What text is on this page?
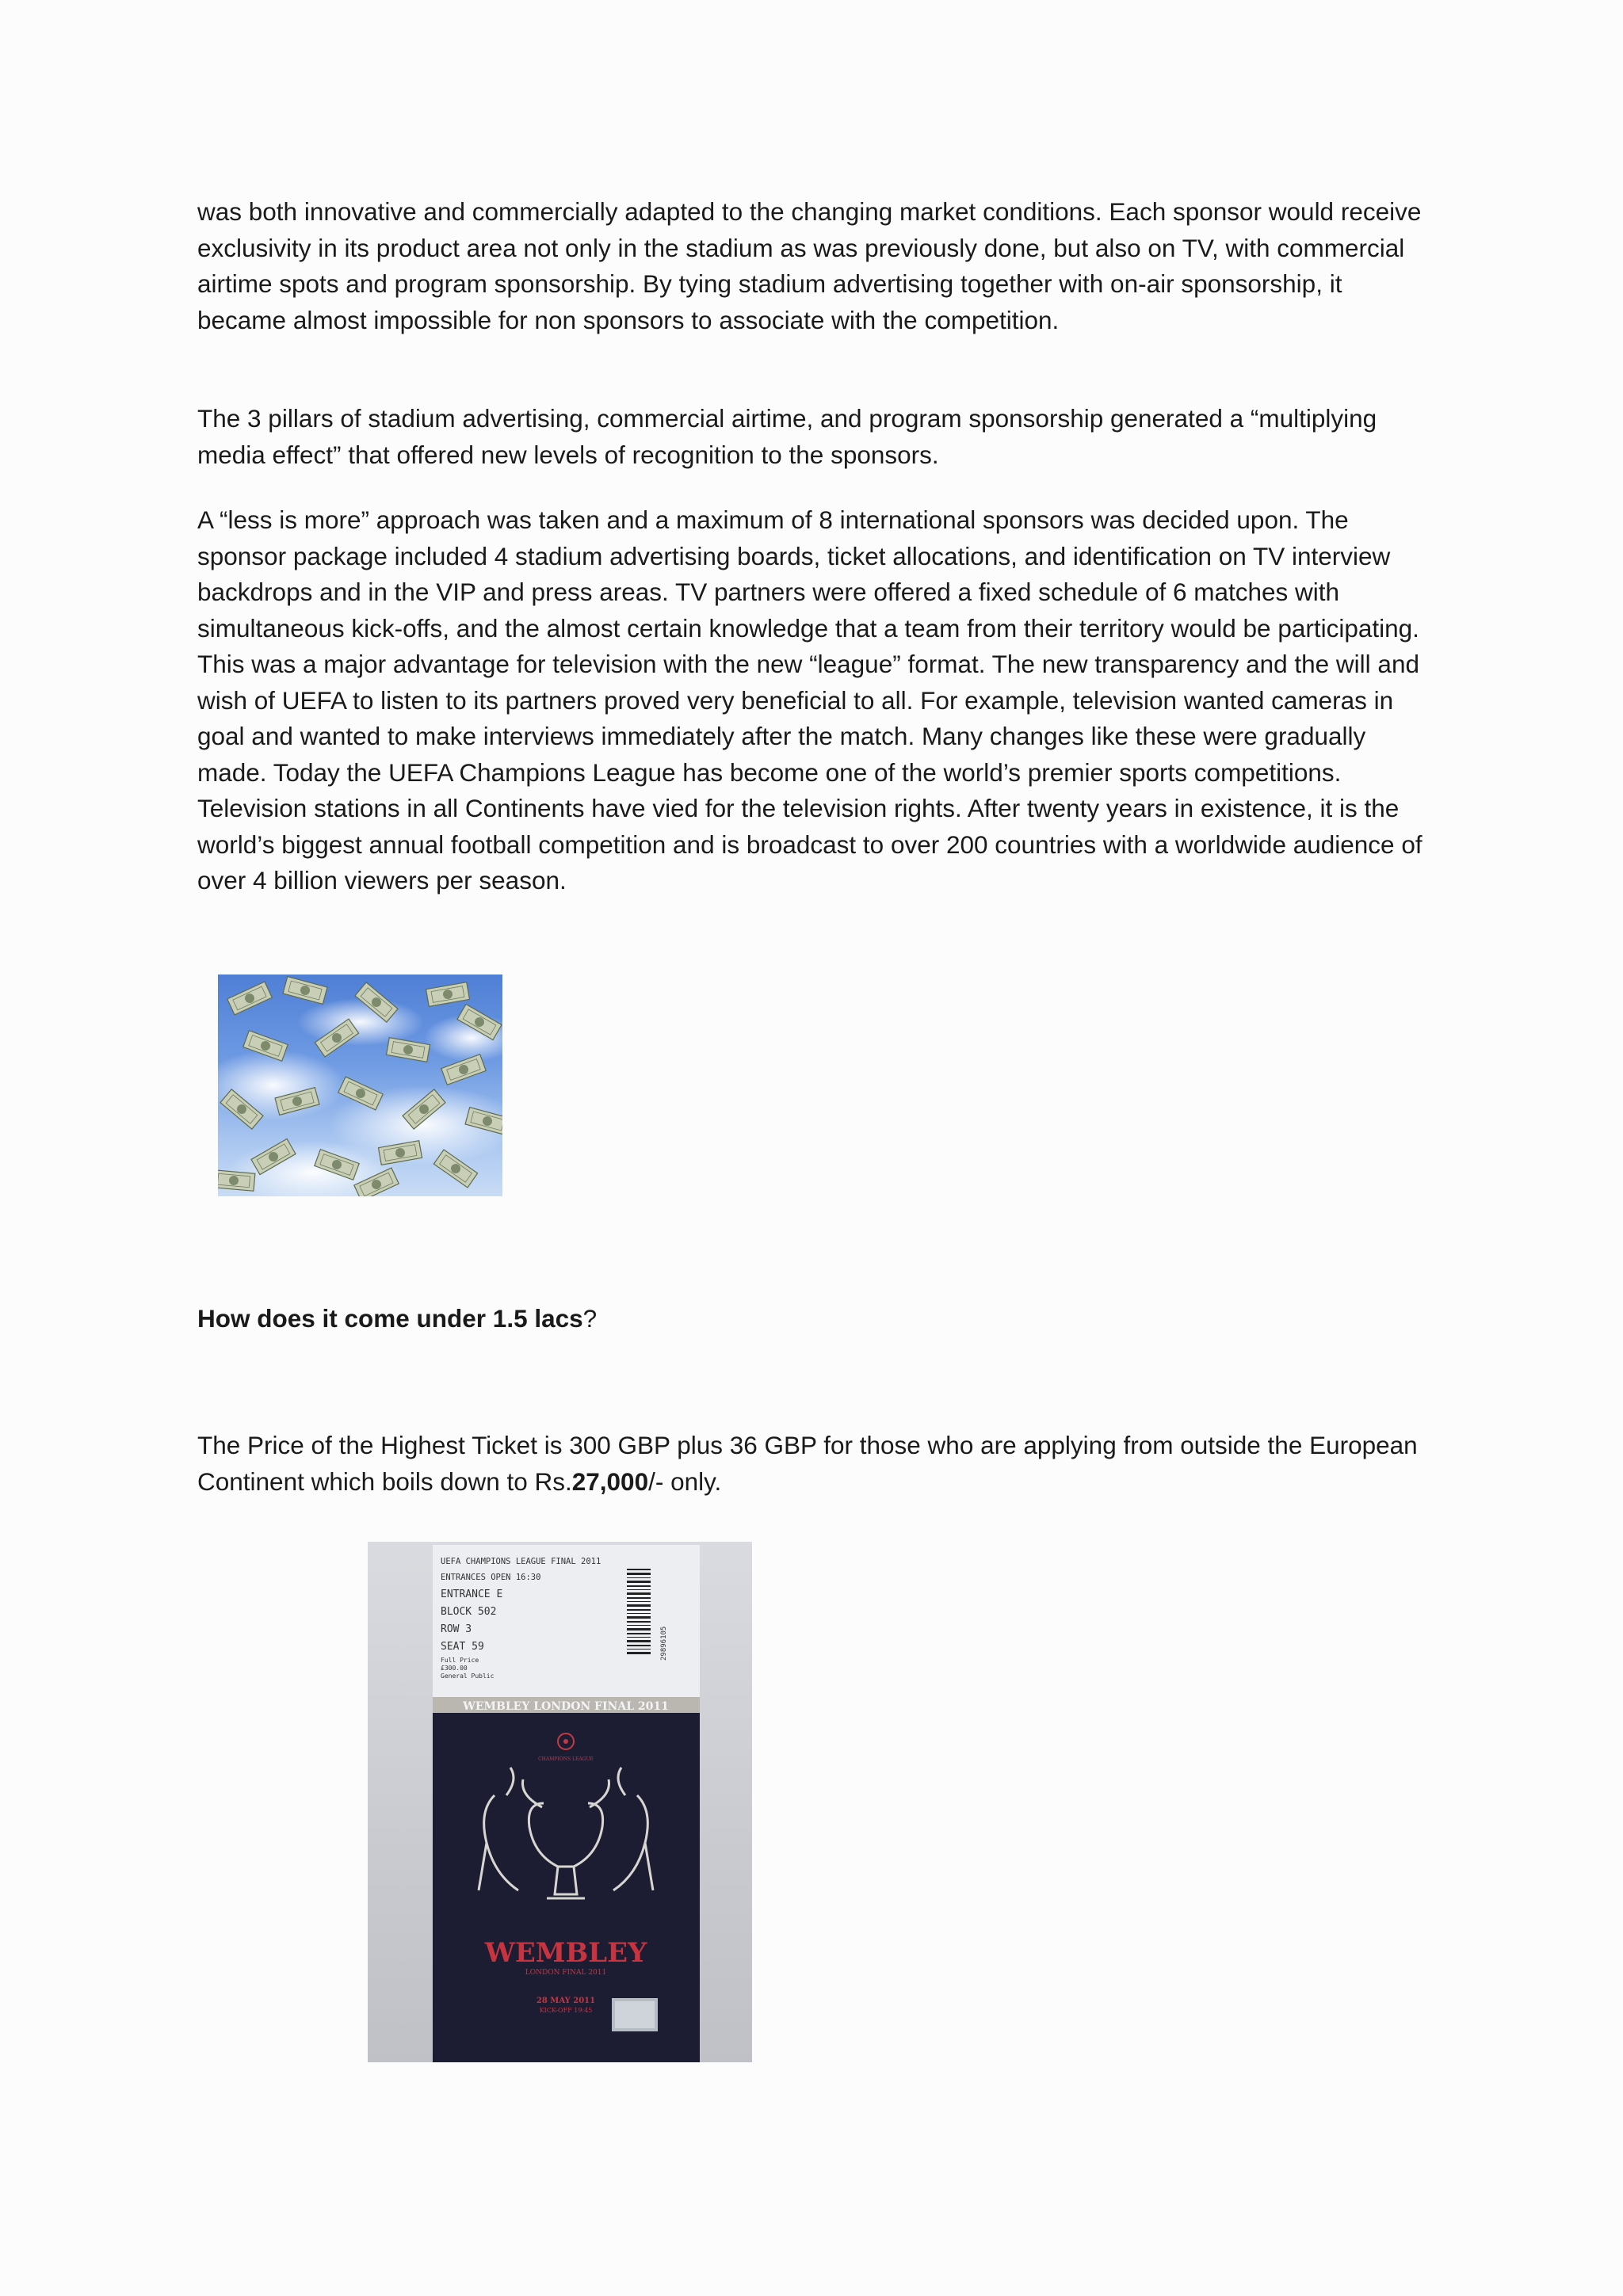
was both innovative and commercially adapted to the changing market conditions. Each sponsor would receive exclusivity in its product area not only in the stadium as was previously done, but also on TV, with commercial airtime spots and program sponsorship. By tying stadium advertising together with on-air sponsorship, it became almost impossible for non sponsors to associate with the competition.

The 3 pillars of stadium advertising, commercial airtime, and program sponsorship generated a “multiplying media effect” that offered new levels of recognition to the sponsors.

A “less is more” approach was taken and a maximum of 8 international sponsors was decided upon. The sponsor package included 4 stadium advertising boards, ticket allocations, and identification on TV interview backdrops and in the VIP and press areas. TV partners were offered a fixed schedule of 6 matches with simultaneous kick-offs, and the almost certain knowledge that a team from their territory would be participating. This was a major advantage for television with the new “league” format. The new transparency and the will and wish of UEFA to listen to its partners proved very beneficial to all. For example, television wanted cameras in goal and wanted to make interviews immediately after the match. Many changes like these were gradually made. Today the UEFA Champions League has become one of the world’s premier sports competitions. Television stations in all Continents have vied for the television rights. After twenty years in existence, it is the world’s biggest annual football competition and is broadcast to over 200 countries with a worldwide audience of over 4 billion viewers per season.

How does it come under 1.5 lacs?

The Price of the Highest Ticket is 300 GBP plus 36 GBP for those who are applying from outside the European Continent which boils down to Rs.27,000/- only.

UEFA CHAMPIONS LEAGUE FINAL 2011
ENTRANCES OPEN 16:30
ENTRANCE E
BLOCK 502
ROW 3
SEAT 59
Full Price
£300.00
General Public
29896105
WEMBLEY LONDON FINAL 2011
CHAMPIONS LEAGUE
WEMBLEY
LONDON FINAL 2011
28 MAY 2011
KICK-OFF 19:45
